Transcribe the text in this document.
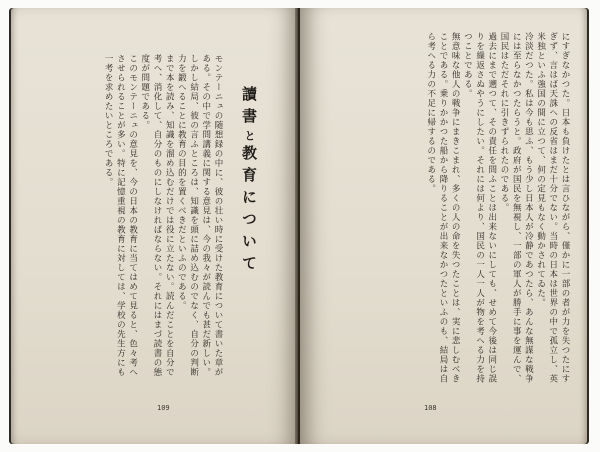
讀書と教育について
モンテーニュの随想録の中に、彼の壮い時に受けた教育について書いた章がある。その中で学問講義に関する意見は、今の我々が読んでも甚だ新しい。しかし結局、彼の言ふところは、知識を頭に詰め込むのでなく、自分の判断力を鍛へることに教育の目的を置くべきだといふのである。
まで本を読み、知識を溜め込むだけでは役に立たない。読んだことを自分で考へ、消化して、自分のものにしなければならない。それにはまづ読書の態度が問題である。
このモンテーニュの意見を、今の日本の教育に当てはめて見ると、色々考へさせられることが多い。特に記憶重視の教育に対しては、学校の先生方にも一考を求めたいところである。
109
にすぎなかつた。日本も負けたとは言ひながら、僅かに一部の者が力を失つたにすぎず、言はば天誅への反省はまだ十分でない。当時の日本は世界の中で孤立し、英米独といふ強国の間に立つて、何の定見もなく動かされてゐた。
冷淡だつた。私は今も思ふ、もう少し日本人が冷静であつたら、あんな無謀な戦争には至らなかつたらうと。政府が国民を無視し、一部の軍人が勝手に事を運んで、国民はただそれに引きずられたのである。
過去にまで遡つて、その責任を問ふことは出来ないにしても、せめて今後は同じ誤りを繰返さぬやうにしたい。それには何より、国民の一人一人が物を考へる力を持つことである。
無意味な他人の戦争にまきこまれ、多くの人の命を失つたことは、実に悲しむべきことである。乗りかかつた船から降りることが出来なかつたといふのも、結局は自ら考へる力の不足に帰するのである。
108
